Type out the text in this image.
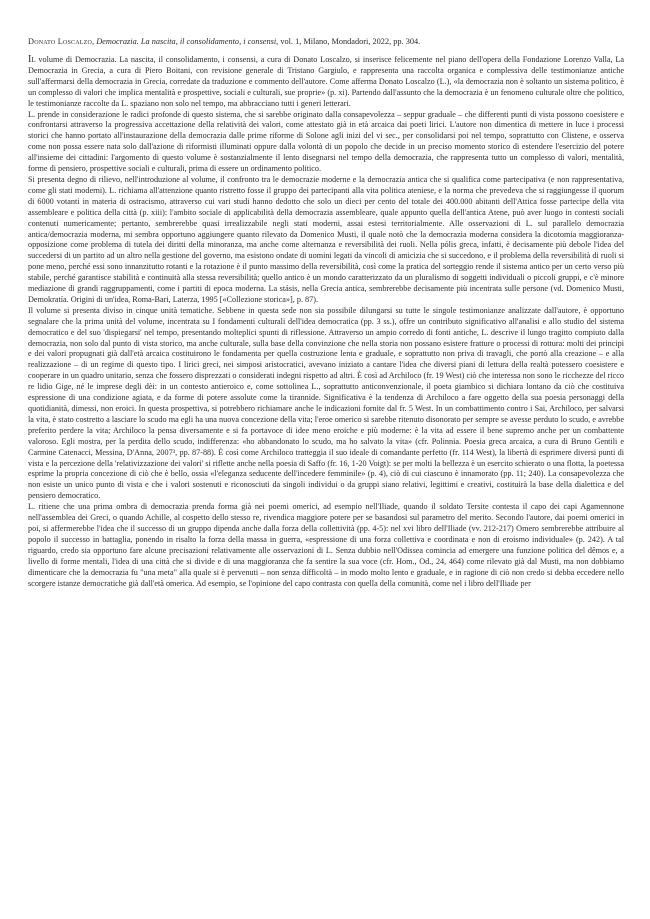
Donato Loscalzo, Democrazia. La nascita, il consolidamento, i consensi, vol. 1, Milano, Mondadori, 2022, pp. 304.

Il volume di Democrazia. La nascita, il consolidamento, i consensi, a cura di Donato Loscalzo, si inserisce felicemente nel piano dell'opera della Fondazione Lorenzo Valla, La Democrazia in Grecia, a cura di Piero Boitani, con revisione generale di Tristano Gargiulo, e rappresenta una raccolta organica e complessiva delle testimonianze antiche sull'affermarsi della democrazia in Grecia, corredate da traduzione e commento dell'autore. Come afferma Donato Loscalzo (L.), «la democrazia non è soltanto un sistema politico, è un complesso di valori che implica mentalità e prospettive, sociali e culturali, sue proprie» (p. xi). Partendo dall'assunto che la democrazia è un fenomeno culturale oltre che politico, le testimonianze raccolte da L. spaziano non solo nel tempo, ma abbracciano tutti i generi letterari.

L. prende in considerazione le radici profonde di questo sistema, che si sarebbe originato dalla consapevolezza – seppur graduale – che differenti punti di vista possono coesistere e confrontarsi attraverso la progressiva accettazione della relatività dei valori, come attestato già in età arcaica dai poeti lirici. L'autore non dimentica di mettere in luce i processi storici che hanno portato all'instaurazione della democrazia dalle prime riforme di Solone agli inizi del vi sec., per consolidarsi poi nel tempo, soprattutto con Clistene, e osserva come non possa essere nata solo dall'azione di riformisti illuminati oppure dalla volontà di un popolo che decide in un preciso momento storico di estendere l'esercizio del potere all'insieme dei cittadini: l'argomento di questo volume è sostanzialmente il lento disegnarsi nel tempo della democrazia, che rappresenta tutto un complesso di valori, mentalità, forme di pensiero, prospettive sociali e culturali, prima di essere un ordinamento politico.

Si presenta degno di rilievo, nell'introduzione al volume, il confronto tra le democrazie moderne e la democrazia antica che si qualifica come partecipativa (e non rappresentativa, come gli stati moderni). L. richiama all'attenzione quanto ristretto fosse il gruppo dei partecipanti alla vita politica ateniese, e la norma che prevedeva che si raggiungesse il quorum di 6000 votanti in materia di ostracismo, attraverso cui vari studi hanno dedotto che solo un dieci per cento del totale dei 400.000 abitanti dell'Attica fosse partecipe della vita assembleare e politica della città (p. xiii): l'ambito sociale di applicabilità della democrazia assembleare, quale appunto quella dell'antica Atene, può aver luogo in contesti sociali contenuti numericamente; pertanto, sembrerebbe quasi irrealizzabile negli stati moderni, assai estesi territorialmente. Alle osservazioni di L. sul parallelo democrazia antica/democrazia moderna, mi sembra opportuno aggiungere quanto rilevato da Domenico Musti, il quale notò che la democrazia moderna considera la dicotomia maggioranza-opposizione come problema di tutela dei diritti della minoranza, ma anche come alternanza e reversibilità dei ruoli. Nella pólis greca, infatti, è decisamente più debole l'idea del succedersi di un partito ad un altro nella gestione del governo, ma esistono ondate di uomini legati da vincoli di amicizia che si succedono, e il problema della reversibilità di ruoli si pone meno, perché essi sono innanzitutto rotanti e la rotazione è il punto massimo della reversibilità, così come la pratica del sorteggio rende il sistema antico per un certo verso più stabile, perché garantisce stabilità e continuità alla stessa reversibilità; quello antico è un mondo caratterizzato da un pluralismo di soggetti individuali o piccoli gruppi, e c'è minore mediazione di grandi raggruppamenti, come i partiti di epoca moderna. La stásis, nella Grecia antica, sembrerebbe decisamente più incentrata sulle persone (vd. Domenico Musti, Demokratía. Origini di un'idea, Roma-Bari, Laterza, 1995 [«Collezione storica»], p. 87).

Il volume si presenta diviso in cinque unità tematiche. Sebbene in questa sede non sia possibile dilungarsi su tutte le singole testimonianze analizzate dall'autore, è opportuno segnalare che la prima unità del volume, incentrata su I fondamenti culturali dell'idea democratica (pp. 3 ss.), offre un contributo significativo all'analisi e allo studio del sistema democratico e del suo 'dispiegarsi' nel tempo, presentando molteplici spunti di riflessione. Attraverso un ampio corredo di fonti antiche, L. descrive il lungo tragitto compiuto dalla democrazia, non solo dal punto di vista storico, ma anche culturale, sulla base della convinzione che nella storia non possano esistere fratture o processi di rottura: molti dei principi e dei valori propugnati già dall'età arcaica costituirono le fondamenta per quella costruzione lenta e graduale, e soprattutto non priva di travagli, che portò alla creazione – e alla realizzazione – di un regime di questo tipo. I lirici greci, nei simposi aristocratici, avevano iniziato a cantare l'idea che diversi piani di lettura della realtà potessero coesistere e cooperare in un quadro unitario, senza che fossero disprezzati o considerati indegni rispetto ad altri. È così ad Archiloco (fr. 19 West) ciò che interessa non sono le ricchezze del ricco re lidio Gige, né le imprese degli dèi: in un contesto antieroico e, come sottolinea L., soprattutto anticonvenzionale, il poeta giambico si dichiara lontano da ciò che costituiva espressione di una condizione agiata, e da forme di potere assolute come la tirannide. Significativa è la tendenza di Archiloco a fare oggetto della sua poesia personaggi della quotidianità, dimessi, non eroici. In questa prospettiva, si potrebbero richiamare anche le indicazioni fornite dal fr. 5 West. In un combattimento contro i Sai, Archiloco, per salvarsi la vita, è stato costretto a lasciare lo scudo ma egli ha una nuova concezione della vita; l'eroe omerico si sarebbe ritenuto disonorato per sempre se avesse perduto lo scudo, e avrebbe preferito perdere la vita; Archiloco la pensa diversamente e si fa portavoce di idee meno eroiche e più moderne: è la vita ad essere il bene supremo anche per un combattente valoroso. Egli mostra, per la perdita dello scudo, indifferenza: «ho abbandonato lo scudo, ma ho salvato la vita» (cfr. Polinnia. Poesia greca arcaica, a cura di Bruno Gentili e Carmine Catenacci, Messina, D'Anna, 2007³, pp. 87-88). È così come Archiloco tratteggia il suo ideale di comandante perfetto (fr. 114 West), la libertà di esprimere diversi punti di vista e la percezione della 'relativizzazione dei valori' si riflette anche nella poesia di Saffo (fr. 16, 1-20 Voigt): se per molti la bellezza è un esercito schierato o una flotta, la poetessa esprime la propria concezione di ciò che è bello, ossia «l'eleganza seducente dell'incedere femminile» (p. 4), ciò di cui ciascuno è innamorato (pp. 11; 240). La consapevolezza che non esiste un unico punto di vista e che i valori sostenuti e riconosciuti da singoli individui o da gruppi siano relativi, legittimi e creativi, costituirà la base della dialettica e del pensiero democratico.

L. ritiene che una prima ombra di democrazia prenda forma già nei poemi omerici, ad esempio nell'Iliade, quando il soldato Tersite contesta il capo dei capi Agamennone nell'assemblea dei Greci, o quando Achille, al cospetto dello stesso re, rivendica maggiore potere per se basandosi sul parametro del merito. Secondo l'autore, dai poemi omerici in poi, si affermerebbe l'idea che il successo di un gruppo dipenda anche dalla forza della collettività (pp. 4-5): nel xvi libro dell'Iliade (vv. 212-217) Omero sembrerebbe attribuire al popolo il successo in battaglia, ponendo in risalto la forza della massa in guerra, «espressione di una forza collettiva e coordinata e non di eroismo individuale» (p. 242). A tal riguardo, credo sia opportuno fare alcune precisazioni relativamente alle osservazioni di L. Senza dubbio nell'Odissea comincia ad emergere una funzione politica del dêmos e, a livello di forme mentali, l'idea di una città che si divide e di una maggioranza che fa sentire la sua voce (cfr. Hom., Od., 24, 464) come rilevato già dal Musti, ma non dobbiamo dimenticare che la democrazia fu "una meta" alla quale si è pervenuti – non senza difficoltà – in modo molto lento e graduale, e in ragione di ciò non credo si debba eccedere nello scorgere istanze democratiche già dall'età omerica. Ad esempio, se l'opinione del capo contrasta con quella della comunità, come nel i libro dell'Iliade per
